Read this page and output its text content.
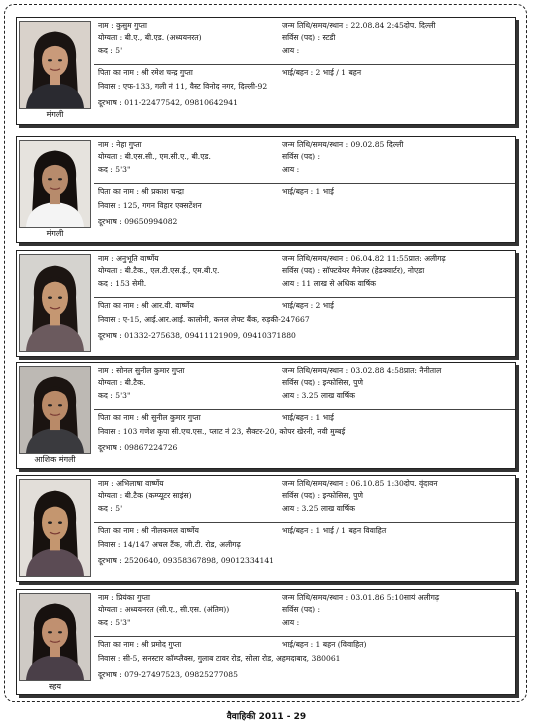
मंगली
नाम : कुसुम गुप्ता
योग्यता : बी.ए., बी.एड. (अध्ययनरत)
कद : 5'
जन्म तिथि/समय/स्थान : 22.08.84 2:45दोप. दिल्ली
सर्विस (पद) : स्टडी
आय :
पिता का नाम : श्री रमेश चन्द्र गुप्ता	भाई/बहन : 2 भाई / 1 बहन
निवास : एफ-133, गली नं 11, वैस्ट विनोद नगर, दिल्ली-92
दूरभाष : 011-22477542, 09810642941
मंगली
नाम : नेहा गुप्ता
योग्यता : बी.एस.सी., एम.सी.ए., बी.एड.
कद : 5'3"
जन्म तिथि/समय/स्थान : 09.02.85 दिल्ली
सर्विस (पद) :
आय :
पिता का नाम : श्री प्रकाश चन्द्रा	भाई/बहन : 1 भाई
निवास : 125, गगन विहार एक्सटेंशन
दूरभाष : 09650994082
नाम : अनुभूति वार्ष्णेय
योग्यता : बी.टैक., एल.टी.एस.ई., एम.बी.ए.
कद : 153 सेमी.
जन्म तिथि/समय/स्थान : 06.04.82 11:55प्रात: अलीगढ़
सर्विस (पद) : सॉफ्टवेयर मैनेजर (हेडक्वार्टर), नोएडा
आय : 11 लाख से अधिक वार्षिक
पिता का नाम : श्री आर.वी. वार्ष्णेय	भाई/बहन : 2 भाई
निवास : ए-15, आई.आर.आई. कालोनी, कनल लेफ्ट बैंक, रुड़की-247667
दूरभाष : 01332-275638, 09411121909, 09410371880
आशिक मंगली
नाम : सोनल सुनील कुमार गुप्ता
योग्यता : बी.टैक.
कद : 5'3"
जन्म तिथि/समय/स्थान : 03.02.88 4:58प्रात: नैनीताल
सर्विस (पद) : इन्फोसिस, पुणे
आय : 3.25 लाख वार्षिक
पिता का नाम : श्री सुनील कुमार गुप्ता	भाई/बहन : 1 भाई
निवास : 103 गणेश कृपा सी.एच.एस., प्लाट नं 23, सैक्टर-20, कोपर खेरनी, नवी मुम्बई
दूरभाष : 09867224726
नाम : अभिलाषा वार्ष्णेय
योग्यता : बी.टैक (कम्प्यूटर साइंस)
कद : 5'
जन्म तिथि/समय/स्थान : 06.10.85 1:30दोप. वृंदावन
सर्विस (पद) : इन्फोसिस, पुणे
आय : 3.25 लाख वार्षिक
पिता का नाम : श्री नीलकमल वार्ष्णेय	भाई/बहन : 1 भाई / 1 बहन विवाहित
निवास : 14/147 अचल टैंक, जी.टी. रोड, अलीगढ़
दूरभाष : 2520640, 09358367898, 09012334141
स्हय
नाम : प्रियंका गुप्ता
योग्यता : अध्ययनरत (सी.ए., सी.एस. (अंतिम))
कद : 5'3"
जन्म तिथि/समय/स्थान : 03.01.86 5:10सायं अलीगढ़
सर्विस (पद) :
आय :
पिता का नाम : श्री प्रमोद गुप्ता	भाई/बहन : 1 बहन (विवाहित)
निवास : सी-5, सनस्टार कॉम्प्लैक्स, गुलाब टावर रोड, सोला रोड, अहमदाबाद, 380061
दूरभाष : 079-27497523, 09825277085
वैवाहिकी 2011 - 29
